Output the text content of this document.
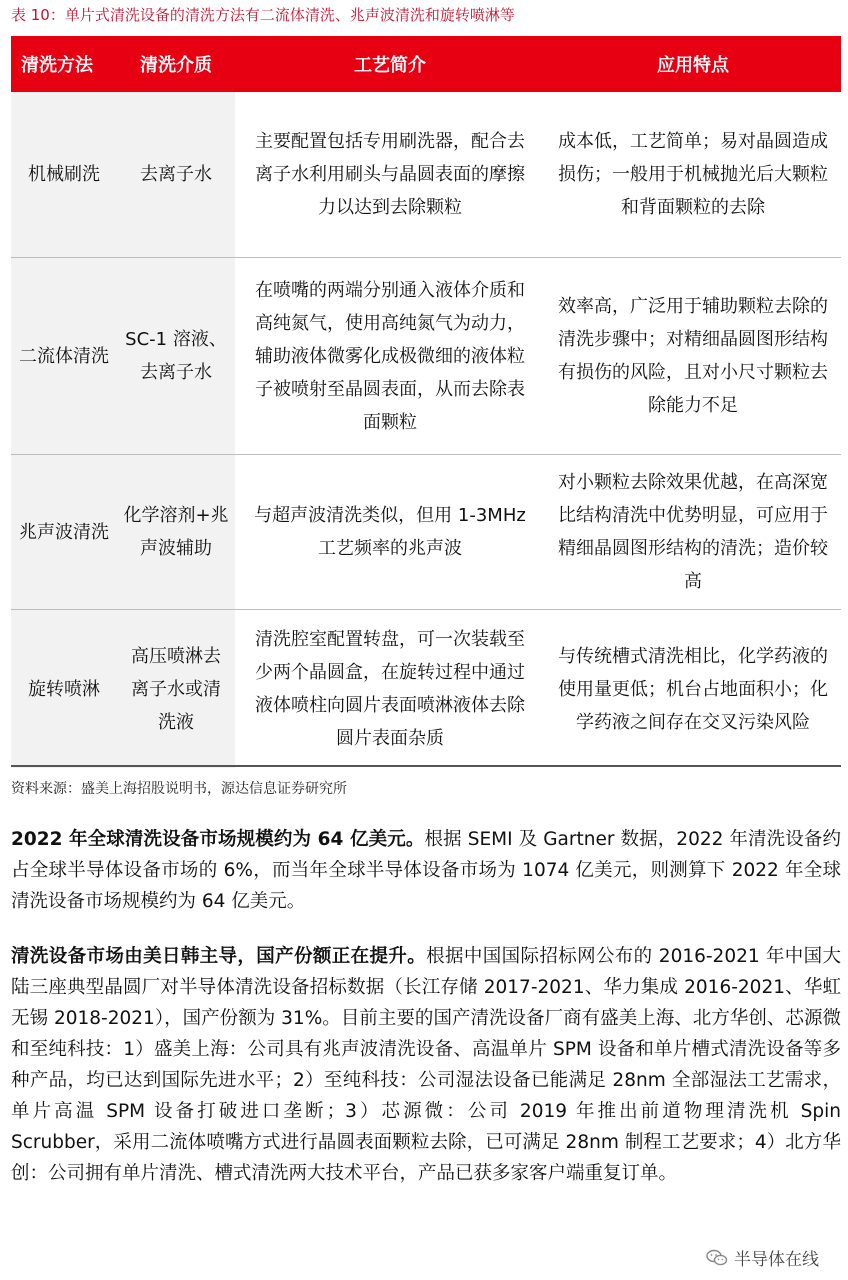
表 10：单片式清洗设备的清洗方法有二流体清洗、兆声波清洗和旋转喷淋等
清洗方法	清洗介质	工艺简介	应用特点
机械刷洗	去离子水	主要配置包括专用刷洗器，配合去离子水利用刷头与晶圆表面的摩擦力以达到去除颗粒	成本低，工艺简单；易对晶圆造成损伤；一般用于机械抛光后大颗粒和背面颗粒的去除
二流体清洗	SC-1 溶液、去离子水	在喷嘴的两端分别通入液体介质和高纯氮气，使用高纯氮气为动力，辅助液体微雾化成极微细的液体粒子被喷射至晶圆表面，从而去除表面颗粒	效率高，广泛用于辅助颗粒去除的清洗步骤中；对精细晶圆图形结构有损伤的风险，且对小尺寸颗粒去除能力不足
兆声波清洗	化学溶剂+兆声波辅助	与超声波清洗类似，但用 1-3MHz 工艺频率的兆声波	对小颗粒去除效果优越，在高深宽比结构清洗中优势明显，可应用于精细晶圆图形结构的清洗；造价较高
旋转喷淋	高压喷淋去离子水或清洗液	清洗腔室配置转盘，可一次装载至少两个晶圆盒，在旋转过程中通过液体喷柱向圆片表面喷淋液体去除圆片表面杂质	与传统槽式清洗相比，化学药液的使用量更低；机台占地面积小；化学药液之间存在交叉污染风险
资料来源：盛美上海招股说明书，源达信息证券研究所
2022 年全球清洗设备市场规模约为 64 亿美元。根据 SEMI 及 Gartner 数据，2022 年清洗设备约占全球半导体设备市场的 6%，而当年全球半导体设备市场为 1074 亿美元，则测算下 2022 年全球清洗设备市场规模约为 64 亿美元。
清洗设备市场由美日韩主导，国产份额正在提升。根据中国国际招标网公布的 2016-2021 年中国大陆三座典型晶圆厂对半导体清洗设备招标数据（长江存储 2017-2021、华力集成 2016-2021、华虹无锡 2018-2021），国产份额为 31%。目前主要的国产清洗设备厂商有盛美上海、北方华创、芯源微和至纯科技：1）盛美上海：公司具有兆声波清洗设备、高温单片 SPM 设备和单片槽式清洗设备等多种产品，均已达到国际先进水平；2）至纯科技：公司湿法设备已能满足 28nm 全部湿法工艺需求，单片高温 SPM 设备打破进口垄断；3）芯源微：公司 2019 年推出前道物理清洗机 Spin Scrubber，采用二流体喷嘴方式进行晶圆表面颗粒去除，已可满足 28nm 制程工艺要求；4）北方华创：公司拥有单片清洗、槽式清洗两大技术平台，产品已获多家客户端重复订单。
半导体在线
